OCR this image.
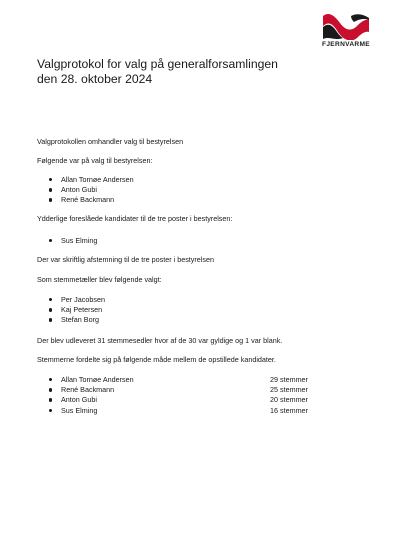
FJERNVARME
Valgprotokol for valg på generalforsamlingen
den 28. oktober 2024
Valgprotokollen omhandler valg til bestyrelsen
Følgende var på valg til bestyrelsen:
Allan Tornøe Andersen
Anton Gubi
René Backmann
Ydderlige foreslåede kandidater til de tre poster i bestyrelsen:
Sus Elming
Der var skriftlig afstemning til de tre poster i bestyrelsen
Som stemmetæller blev følgende valgt:
Per Jacobsen
Kaj Petersen
Stefan Borg
Der blev udleveret 31 stemmesedler hvor af de 30 var gyldige og 1 var blank.
Stemmerne fordelte sig på følgende måde mellem de opstillede kandidater.
Allan Tornøe Andersen	29 stemmer
René Backmann	25 stemmer
Anton Gubi	20 stemmer
Sus Elming	16 stemmer
